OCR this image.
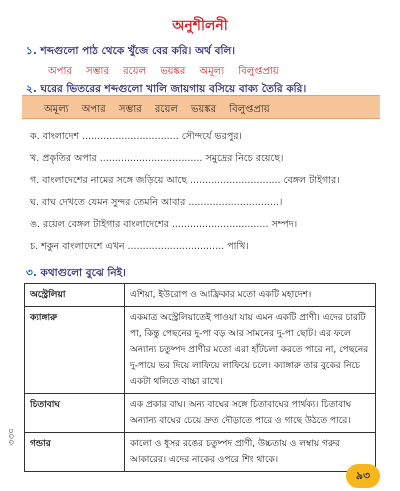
অনুশীলনী
১. শব্দগুলো পাঠ থেকে খুঁজে বের করি। অর্থ বলি।
অপার সম্ভার রয়েল ভয়ঙ্কর অমূল্য বিলুপ্তপ্রায়
২. ঘরের ভিতরের শব্দগুলো খালি জায়গায় বসিয়ে বাক্য তৈরি করি।
অমূল্য অপার সম্ভার রয়েল ভয়ঙ্কর বিলুপ্তপ্রায়
ক. বাংলাদেশ ................................ সৌন্দর্যে ভরপুর।
খ. প্রকৃতির অপার .................................. সমুদ্রের নিচে রয়েছে।
গ. বাংলাদেশের নামের সঙ্গে জড়িয়ে আছে .............................. বেঙ্গল টাইগার।
ঘ. বাঘ দেখতে যেমন সুন্দর তেমনি আবার ..............................।
ঙ. রয়েল বেঙ্গল টাইগার বাংলাদেশের ................................ সম্পদ।
চ. শকুন বাংলাদেশে এখন ................................ পাখি।
৩. কথাগুলো বুঝে নিই।
অস্ট্রেলিয়া	এশিয়া, ইউরোপ ও আফ্রিকার মতো একটি মহাদেশ।
ক্যাঙ্গারু	একমাত্র অস্ট্রেলিয়াতেই পাওয়া যায় এমন একটি প্রাণী। এদের চারটি পা, কিন্তু পেছনের দু-পা বড় আর সামনের দু-পা ছোট। এর ফলে অন্যান্য চতুষ্পদ প্রাণীর মতো এরা হাঁটচলা করতে পারে না, পেছনের দু-পায়ে ভর দিয়ে লাফিয়ে লাফিয়ে চলে। ক্যাঙ্গারু তার বুকের নিচে একটা থলিতে বাচ্চা রাখে।
চিতাবাঘ	এক প্রকার বাঘ। অন্য বাঘের সঙ্গে চিতাবাঘের পার্থক্য। চিতাবাঘ অন্যান্য বাঘের চেয়ে দ্রুত দৌড়াতে পারে ও গাছে উঠতে পারে।
গন্ডার	কালো ও ধূসর রঙের চতুষ্পদ প্রাণী, উচ্চতায় ও লম্বায় গরুর আকারের। এদের নাকের ওপরে শিং থাকে।
৩৩০
৯৩
